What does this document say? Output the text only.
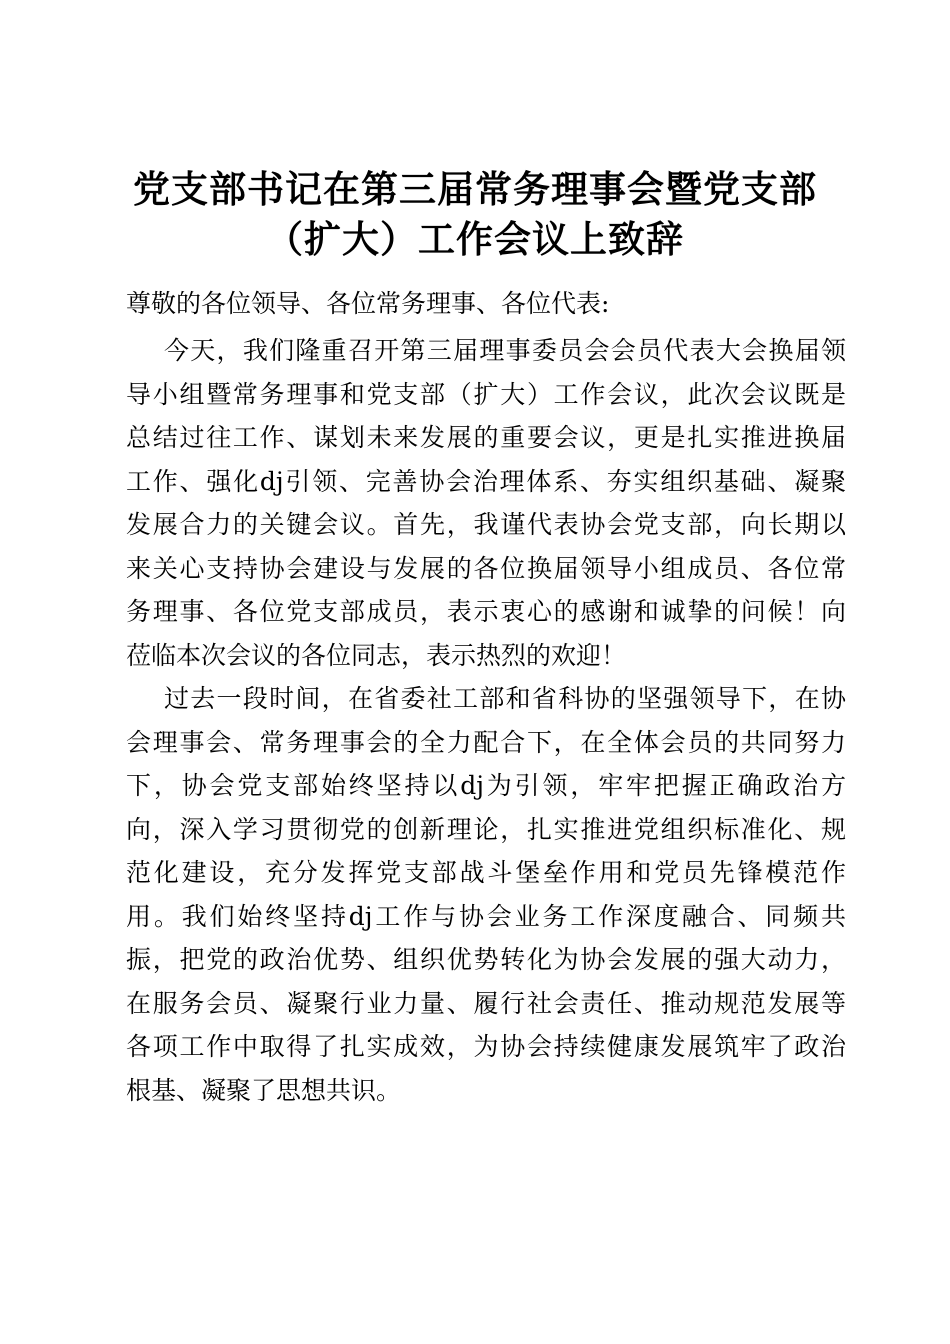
党支部书记在第三届常务理事会暨党支部
（扩大）工作会议上致辞
尊敬的各位领导、各位常务理事、各位代表:
今天，我们隆重召开第三届理事委员会会员代表大会换届领
导小组暨常务理事和党支部（扩大）工作会议，此次会议既是
总结过往工作、谋划未来发展的重要会议，更是扎实推进换届
工作、强化dj引领、完善协会治理体系、夯实组织基础、凝聚
发展合力的关键会议。首先，我谨代表协会党支部，向长期以
来关心支持协会建设与发展的各位换届领导小组成员、各位常
务理事、各位党支部成员，表示衷心的感谢和诚挚的问候！向
莅临本次会议的各位同志，表示热烈的欢迎！
过去一段时间，在省委社工部和省科协的坚强领导下，在协
会理事会、常务理事会的全力配合下，在全体会员的共同努力
下，协会党支部始终坚持以dj为引领，牢牢把握正确政治方
向，深入学习贯彻党的创新理论，扎实推进党组织标准化、规
范化建设，充分发挥党支部战斗堡垒作用和党员先锋模范作
用。我们始终坚持dj工作与协会业务工作深度融合、同频共
振，把党的政治优势、组织优势转化为协会发展的强大动力，
在服务会员、凝聚行业力量、履行社会责任、推动规范发展等
各项工作中取得了扎实成效，为协会持续健康发展筑牢了政治
根基、凝聚了思想共识。
